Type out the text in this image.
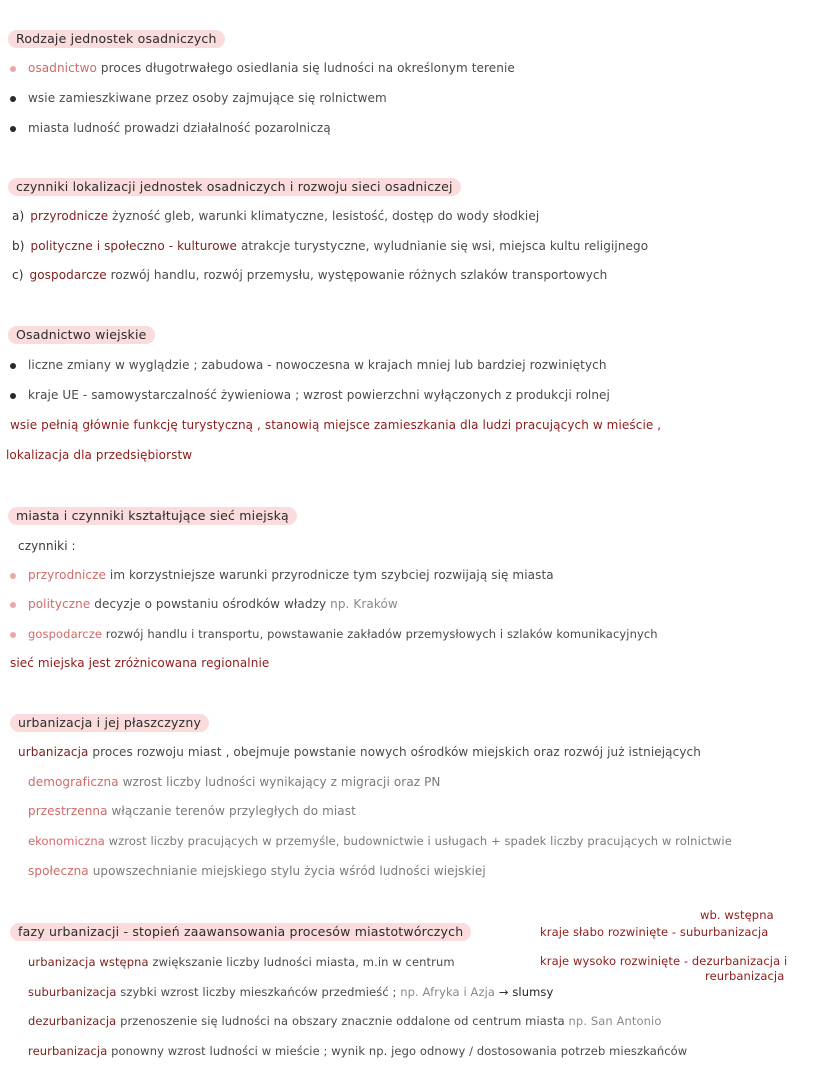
Rodzaje jednostek osadniczych
osadnictwo proces długotrwałego osiedlania się ludności na określonym terenie
wsie zamieszkiwane przez osoby zajmujące się rolnictwem
miasta ludność prowadzi działalność pozarolniczą
czynniki lokalizacji jednostek osadniczych i rozwoju sieci osadniczej
a) przyrodnicze żyzność gleb, warunki klimatyczne, lesistość, dostęp do wody słodkiej
b) polityczne i społeczno - kulturowe atrakcje turystyczne, wyludnianie się wsi, miejsca kultu religijnego
c) gospodarcze rozwój handlu, rozwój przemysłu, występowanie różnych szlaków transportowych
Osadnictwo wiejskie
liczne zmiany w wyglądzie ; zabudowa - nowoczesna w krajach mniej lub bardziej rozwiniętych
kraje UE - samowystarczalność żywieniowa ; wzrost powierzchni wyłączonych z produkcji rolnej
wsie pełnią głównie funkcję turystyczną , stanowią miejsce zamieszkania dla ludzi pracujących w mieście ,
lokalizacja dla przedsiębiorstw
miasta i czynniki kształtujące sieć miejską
czynniki :
przyrodnicze im korzystniejsze warunki przyrodnicze tym szybciej rozwijają się miasta
polityczne decyzje o powstaniu ośrodków władzy np. Kraków
gospodarcze rozwój handlu i transportu, powstawanie zakładów przemysłowych i szlaków komunikacyjnych
sieć miejska jest zróżnicowana regionalnie
urbanizacja i jej płaszczyzny
urbanizacja proces rozwoju miast , obejmuje powstanie nowych ośrodków miejskich oraz rozwój już istniejących
demograficzna wzrost liczby ludności wynikający z migracji oraz PN
przestrzenna włączanie terenów przyległych do miast
ekonomiczna wzrost liczby pracujących w przemyśle, budownictwie i usługach + spadek liczby pracujących w rolnictwie
społeczna upowszechnianie miejskiego stylu życia wśród ludności wiejskiej
fazy urbanizacji - stopień zaawansowania procesów miastotwórczych
wb. wstępna
kraje słabo rozwinięte - suburbanizacja
kraje wysoko rozwinięte - dezurbanizacja i
reurbanizacja
urbanizacja wstępna zwiększanie liczby ludności miasta, m.in w centrum
suburbanizacja szybki wzrost liczby mieszkańców przedmieść ; np. Afryka i Azja → slumsy
dezurbanizacja przenoszenie się ludności na obszary znacznie oddalone od centrum miasta np. San Antonio
reurbanizacja ponowny wzrost ludności w mieście ; wynik np. jego odnowy / dostosowania potrzeb mieszkańców
